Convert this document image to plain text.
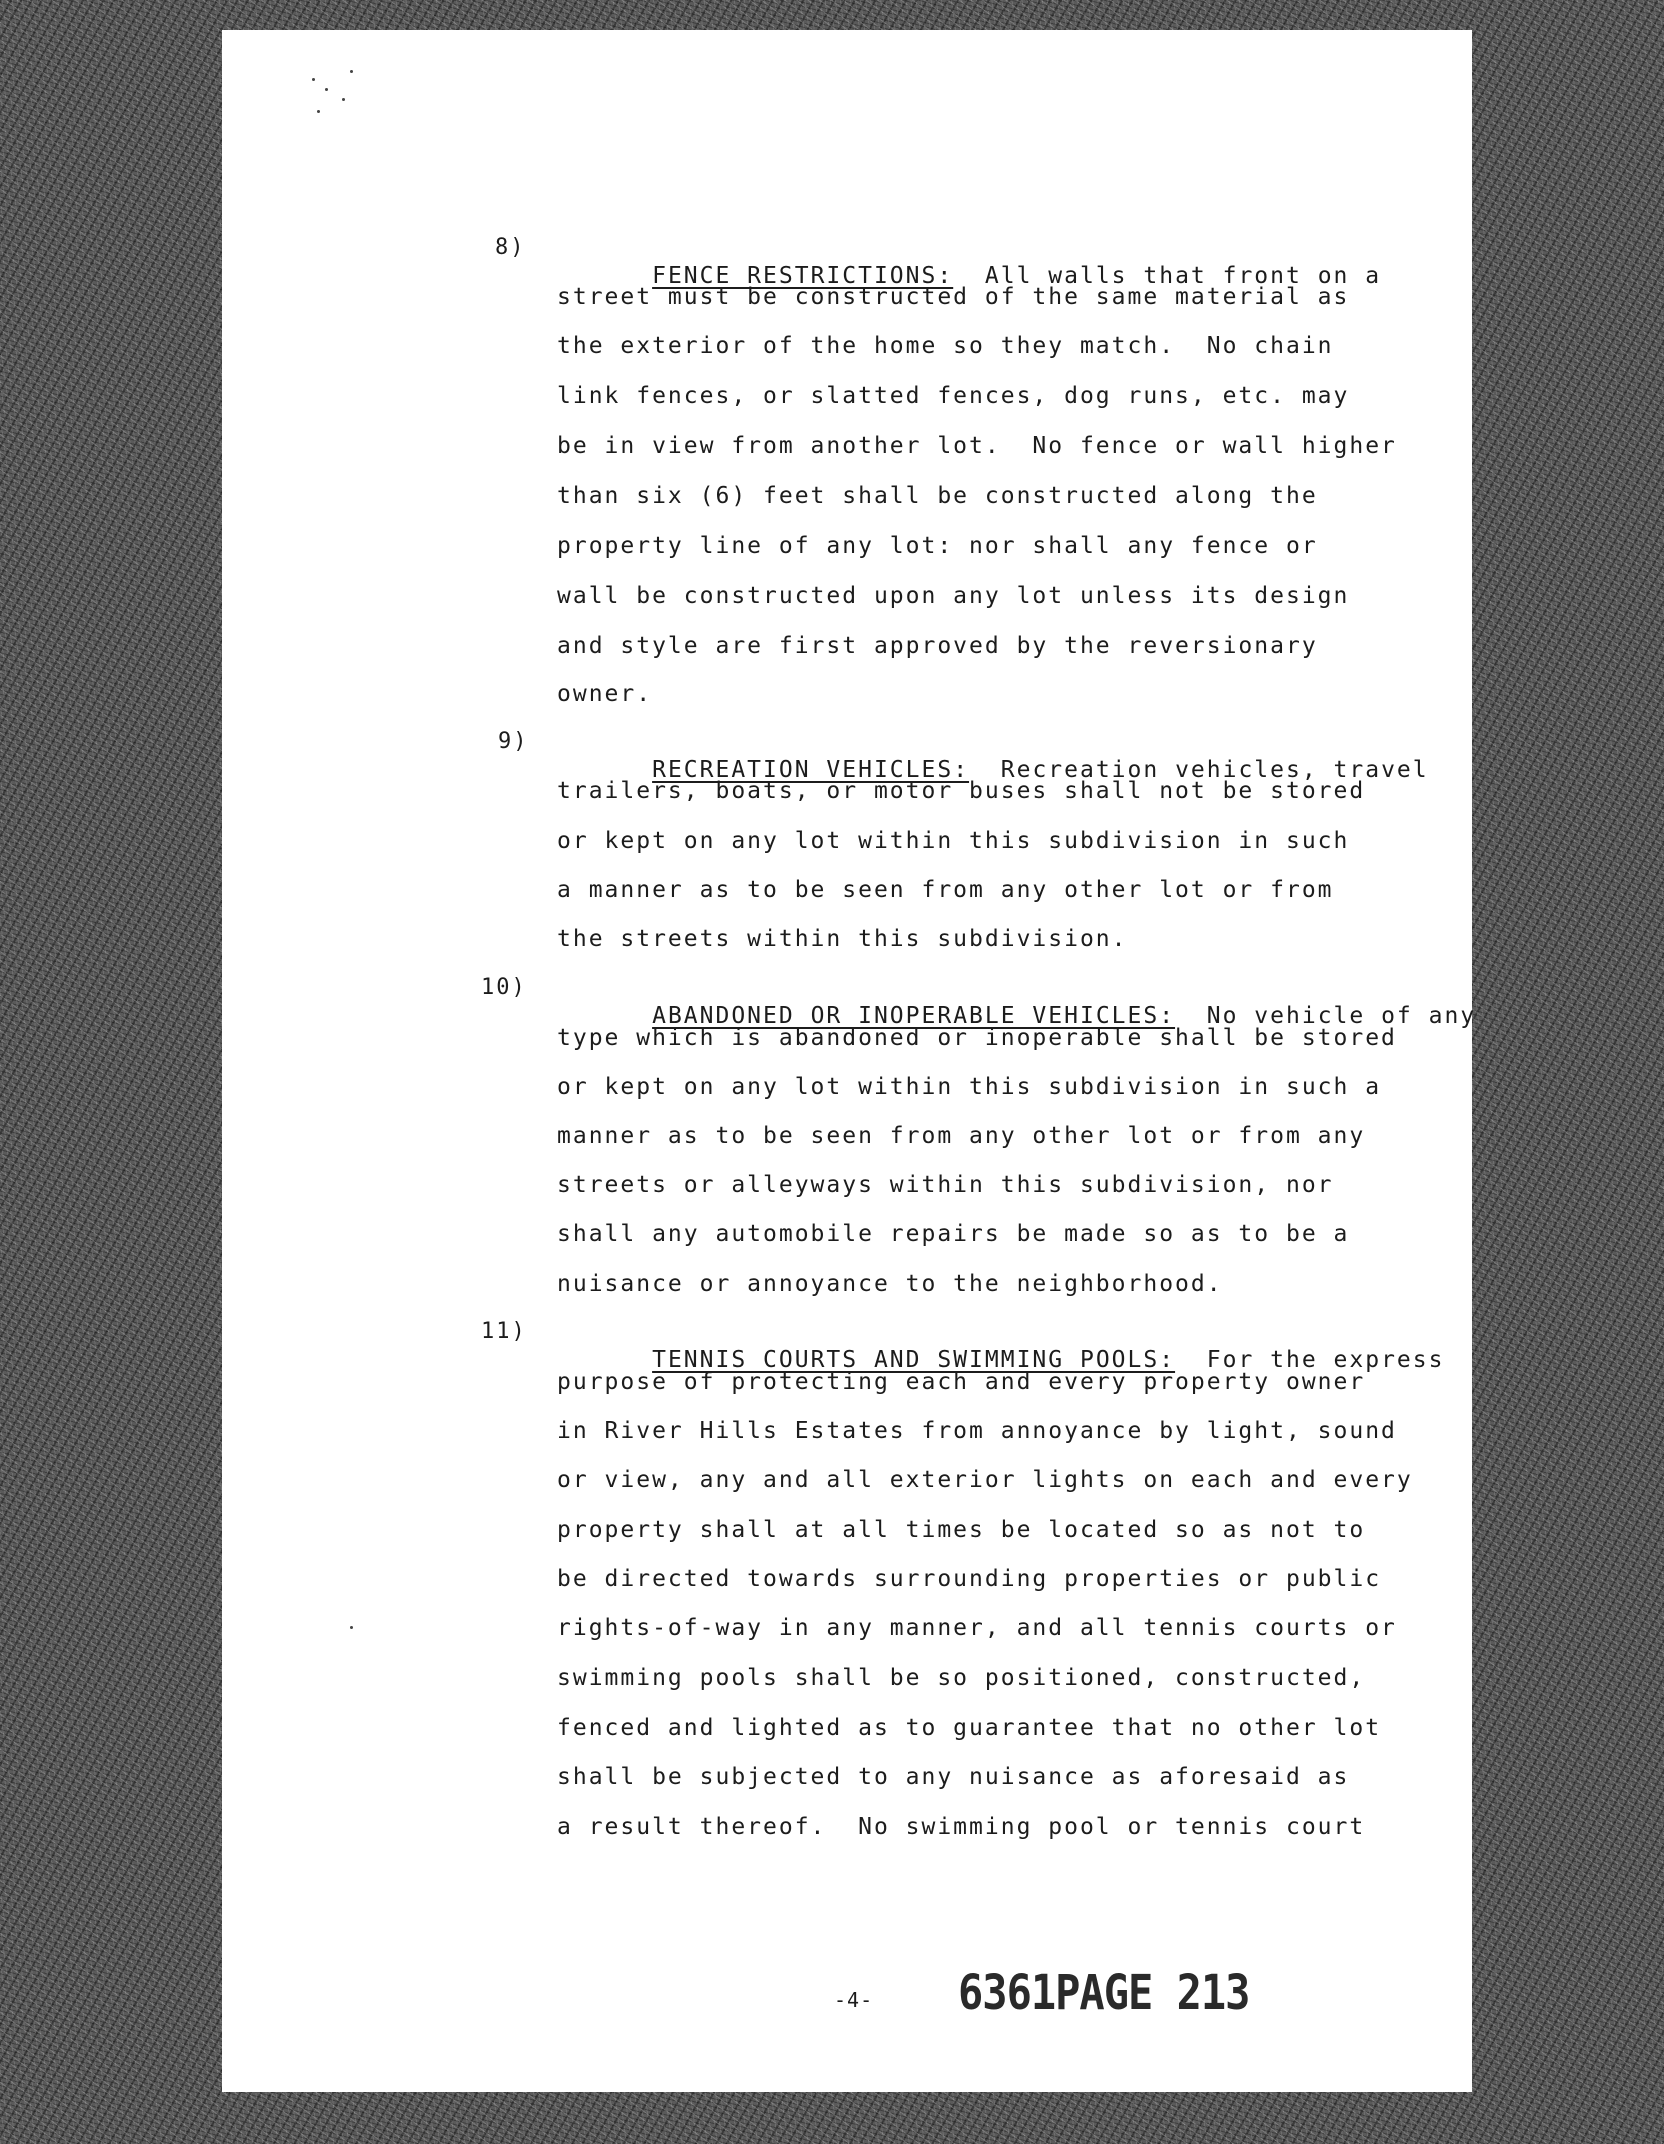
8)

FENCE RESTRICTIONS: All walls that front on a

street must be constructed of the same material as
the exterior of the home so they match.  No chain
link fences, or slatted fences, dog runs, etc. may
be in view from another lot.  No fence or wall higher
than six (6) feet shall be constructed along the
property line of any lot: nor shall any fence or
wall be constructed upon any lot unless its design
and style are first approved by the reversionary
owner.
9)

RECREATION VEHICLES: Recreation vehicles, travel

trailers, boats, or motor buses shall not be stored
or kept on any lot within this subdivision in such
a manner as to be seen from any other lot or from
the streets within this subdivision.
10)

ABANDONED OR INOPERABLE VEHICLES: No vehicle of any

type which is abandoned or inoperable shall be stored
or kept on any lot within this subdivision in such a
manner as to be seen from any other lot or from any
streets or alleyways within this subdivision, nor
shall any automobile repairs be made so as to be a
nuisance or annoyance to the neighborhood.
11)

TENNIS COURTS AND SWIMMING POOLS: For the express

purpose of protecting each and every property owner
in River Hills Estates from annoyance by light, sound
or view, any and all exterior lights on each and every
property shall at all times be located so as not to
be directed towards surrounding properties or public
rights-of-way in any manner, and all tennis courts or
swimming pools shall be so positioned, constructed,
fenced and lighted as to guarantee that no other lot
shall be subjected to any nuisance as aforesaid as
a result thereof.  No swimming pool or tennis court
-4- 6361PAGE 213
